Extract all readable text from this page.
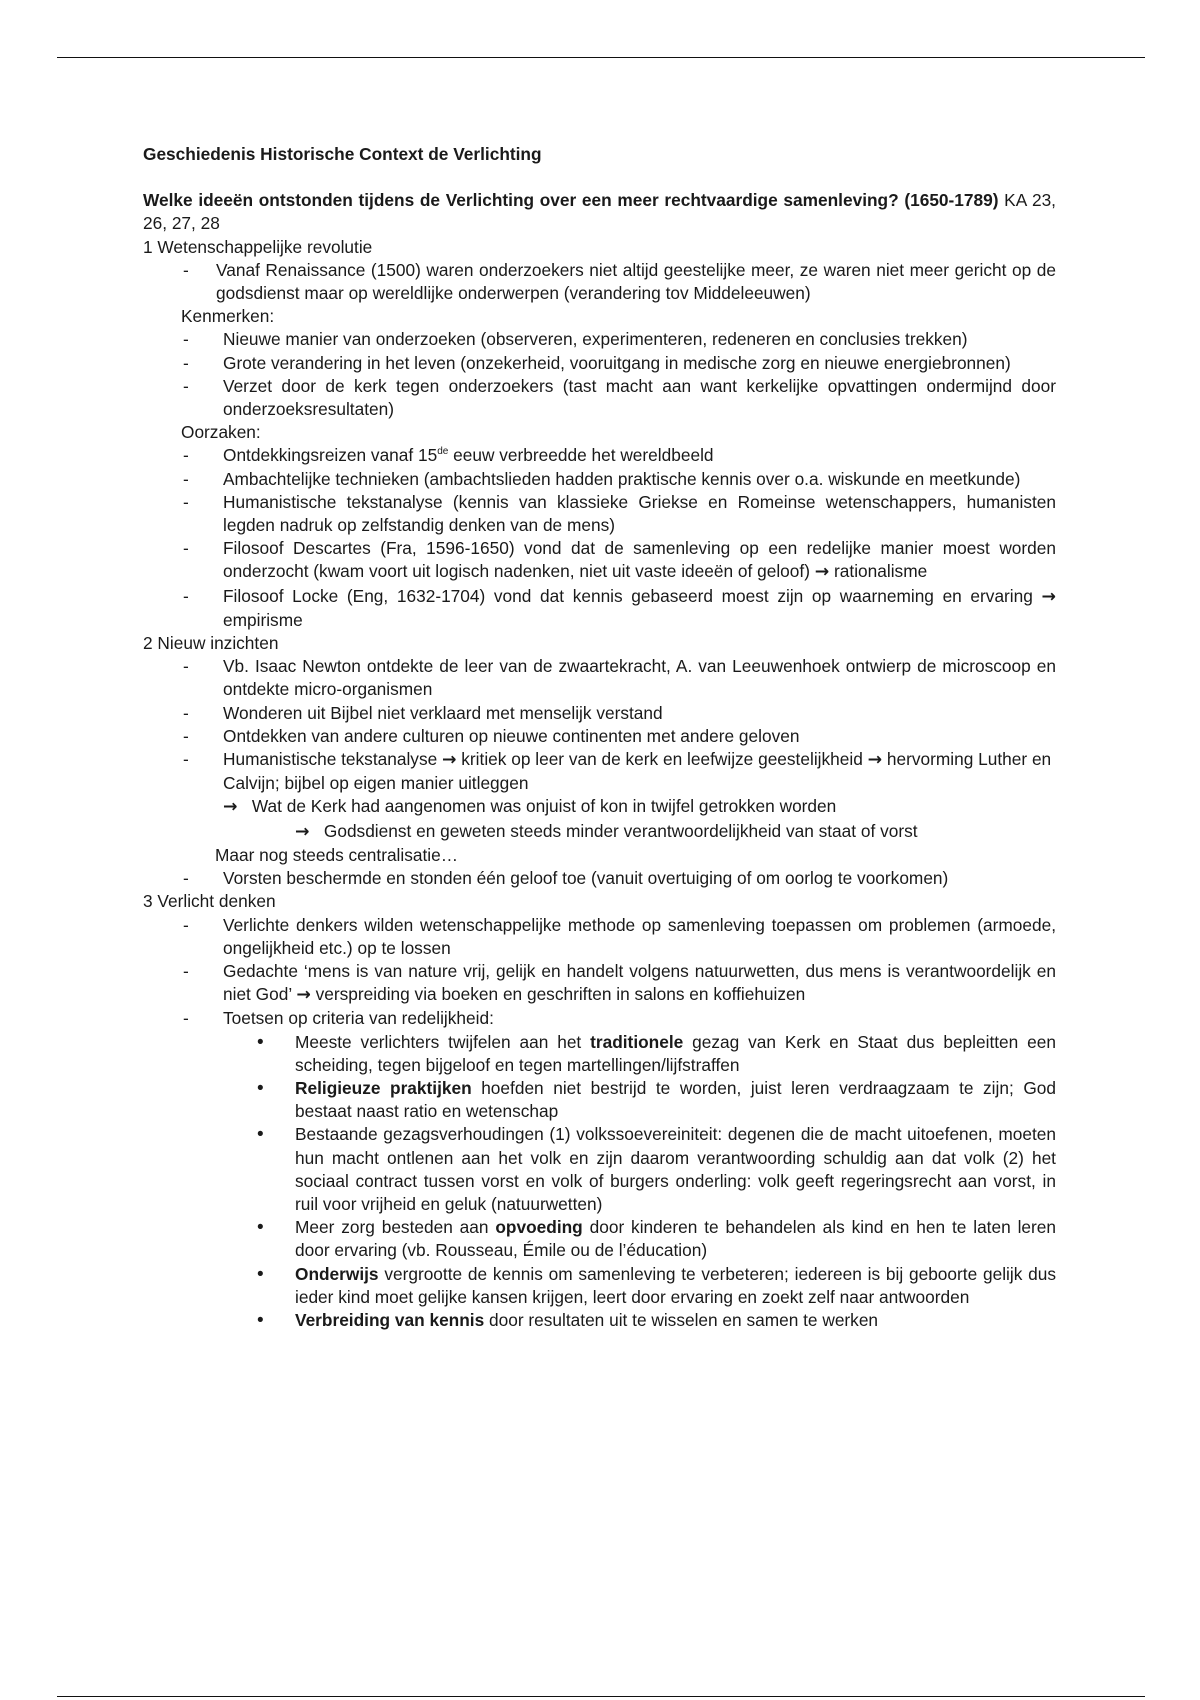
Geschiedenis Historische Context de Verlichting
Welke ideeën ontstonden tijdens de Verlichting over een meer rechtvaardige samenleving? (1650-1789) KA 23, 26, 27, 28
1 Wetenschappelijke revolutie
- Vanaf Renaissance (1500) waren onderzoekers niet altijd geestelijke meer, ze waren niet meer gericht op de godsdienst maar op wereldlijke onderwerpen (verandering tov Middeleeuwen)
Kenmerken:
- Nieuwe manier van onderzoeken (observeren, experimenteren, redeneren en conclusies trekken)
- Grote verandering in het leven (onzekerheid, vooruitgang in medische zorg en nieuwe energiebronnen)
- Verzet door de kerk tegen onderzoekers (tast macht aan want kerkelijke opvattingen ondermijnd door onderzoeksresultaten)
Oorzaken:
- Ontdekkingsreizen vanaf 15de eeuw verbreedde het wereldbeeld
- Ambachtelijke technieken (ambachtslieden hadden praktische kennis over o.a. wiskunde en meetkunde)
- Humanistische tekstanalyse (kennis van klassieke Griekse en Romeinse wetenschappers, humanisten legden nadruk op zelfstandig denken van de mens)
- Filosoof Descartes (Fra, 1596-1650) vond dat de samenleving op een redelijke manier moest worden onderzocht (kwam voort uit logisch nadenken, niet uit vaste ideeën of geloof) → rationalisme
- Filosoof Locke (Eng, 1632-1704) vond dat kennis gebaseerd moest zijn op waarneming en ervaring → empirisme
2 Nieuw inzichten
- Vb. Isaac Newton ontdekte de leer van de zwaartekracht, A. van Leeuwenhoek ontwierp de microscoop en ontdekte micro-organismen
- Wonderen uit Bijbel niet verklaard met menselijk verstand
- Ontdekken van andere culturen op nieuwe continenten met andere geloven
- Humanistische tekstanalyse → kritiek op leer van de kerk en leefwijze geestelijkheid → hervorming Luther en Calvijn; bijbel op eigen manier uitleggen
→ Wat de Kerk had aangenomen was onjuist of kon in twijfel getrokken worden
→ Godsdienst en geweten steeds minder verantwoordelijkheid van staat of vorst
Maar nog steeds centralisatie…
- Vorsten beschermde en stonden één geloof toe (vanuit overtuiging of om oorlog te voorkomen)
3 Verlicht denken
- Verlichte denkers wilden wetenschappelijke methode op samenleving toepassen om problemen (armoede, ongelijkheid etc.) op te lossen
- Gedachte ‘mens is van nature vrij, gelijk en handelt volgens natuurwetten, dus mens is verantwoordelijk en niet God’ → verspreiding via boeken en geschriften in salons en koffiehuizen
- Toetsen op criteria van redelijkheid:
• Meeste verlichters twijfelen aan het traditionele gezag van Kerk en Staat dus bepleitten een scheiding, tegen bijgeloof en tegen martellingen/lijfstraffen
• Religieuze praktijken hoefden niet bestrijd te worden, juist leren verdraagzaam te zijn; God bestaat naast ratio en wetenschap
• Bestaande gezagsverhoudingen (1) volkssoevereiniteit: degenen die de macht uitoefenen, moeten hun macht ontlenen aan het volk en zijn daarom verantwoording schuldig aan dat volk (2) het sociaal contract tussen vorst en volk of burgers onderling: volk geeft regeringsrecht aan vorst, in ruil voor vrijheid en geluk (natuurwetten)
• Meer zorg besteden aan opvoeding door kinderen te behandelen als kind en hen te laten leren door ervaring (vb. Rousseau, Émile ou de l’éducation)
• Onderwijs vergrootte de kennis om samenleving te verbeteren; iedereen is bij geboorte gelijk dus ieder kind moet gelijke kansen krijgen, leert door ervaring en zoekt zelf naar antwoorden
• Verbreiding van kennis door resultaten uit te wisselen en samen te werken
